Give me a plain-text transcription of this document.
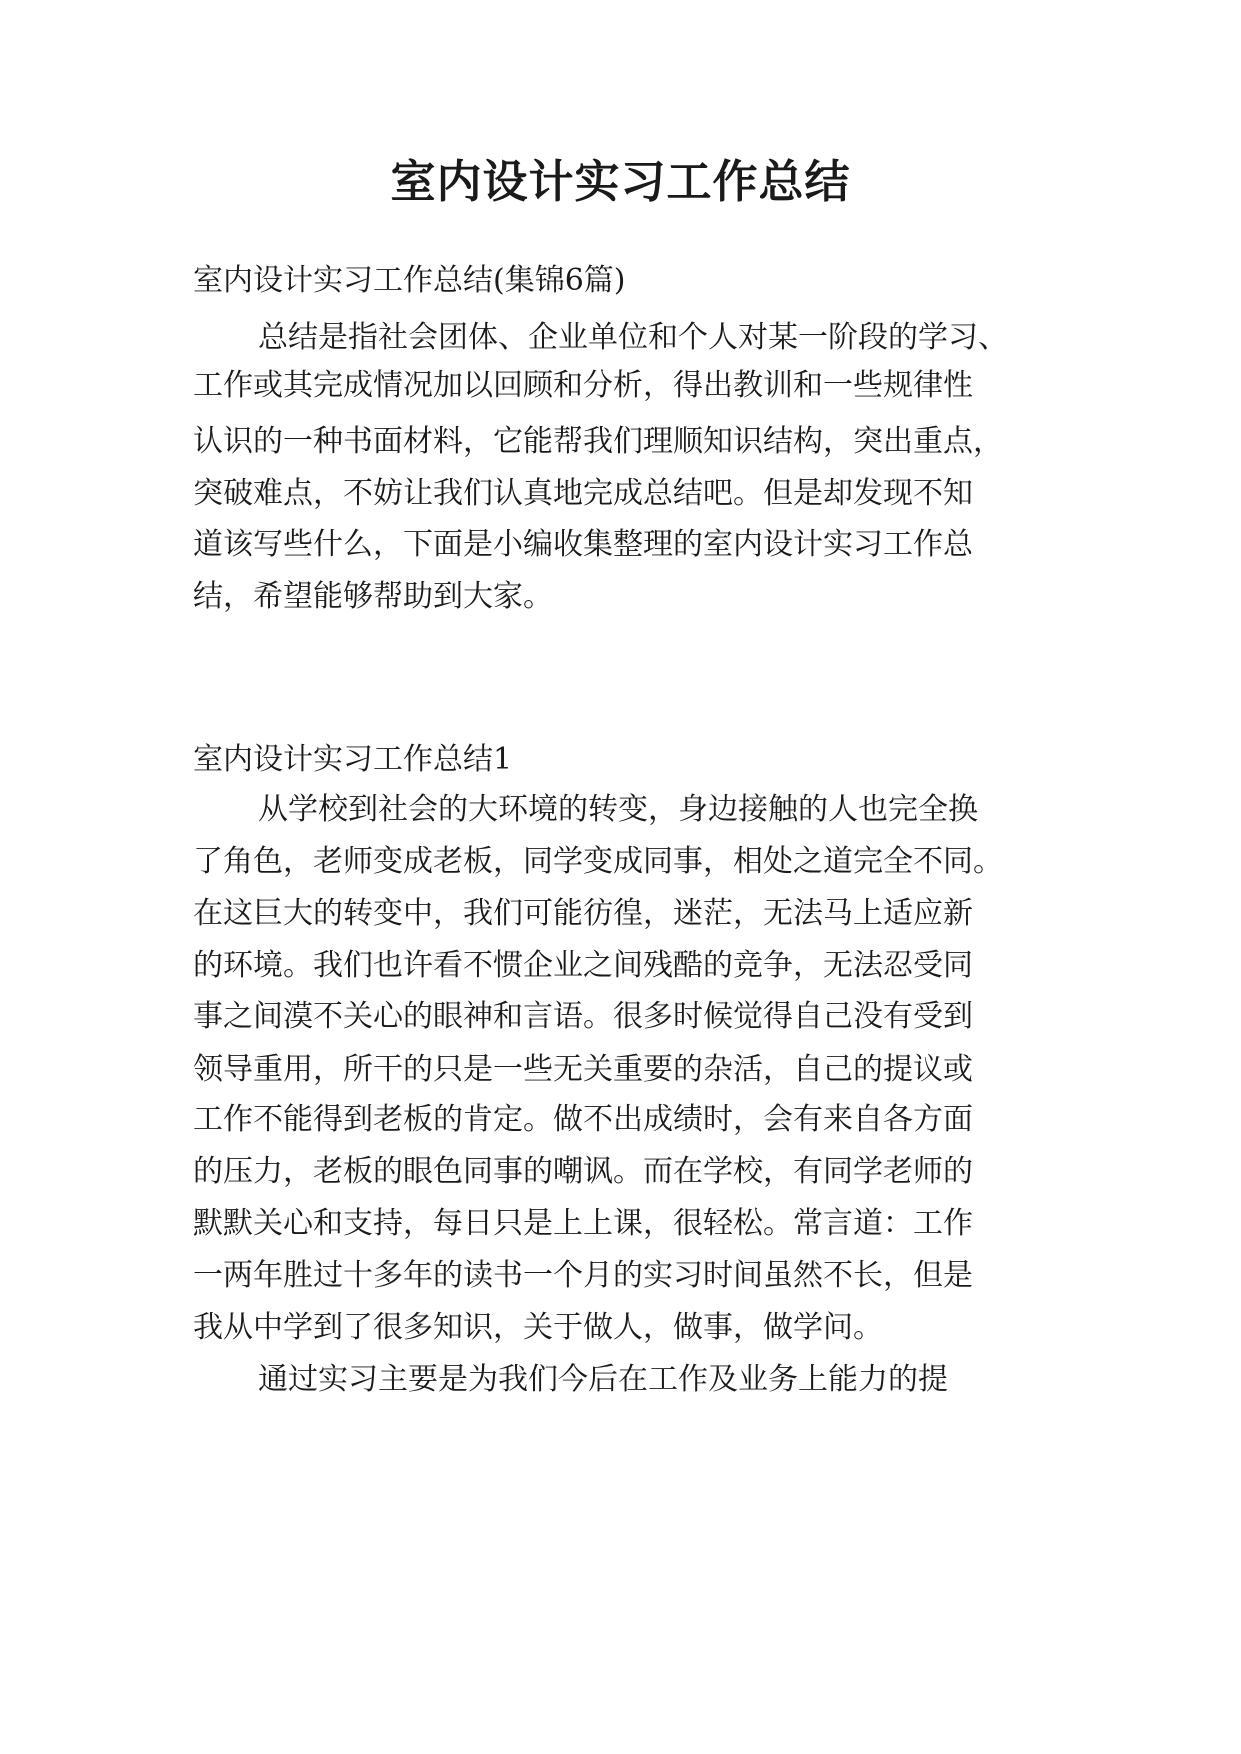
室内设计实习工作总结

室内设计实习工作总结(集锦6篇)

总结是指社会团体、企业单位和个人对某一阶段的学习、

工作或其完成情况加以回顾和分析，得出教训和一些规律性

认识的一种书面材料，它能帮我们理顺知识结构，突出重点，

突破难点，不妨让我们认真地完成总结吧。但是却发现不知

道该写些什么，下面是小编收集整理的室内设计实习工作总

结，希望能够帮助到大家。

室内设计实习工作总结1

从学校到社会的大环境的转变，身边接触的人也完全换

了角色，老师变成老板，同学变成同事，相处之道完全不同。

在这巨大的转变中，我们可能彷徨，迷茫，无法马上适应新

的环境。我们也许看不惯企业之间残酷的竞争，无法忍受同

事之间漠不关心的眼神和言语。很多时候觉得自己没有受到

领导重用，所干的只是一些无关重要的杂活，自己的提议或

工作不能得到老板的肯定。做不出成绩时，会有来自各方面

的压力，老板的眼色同事的嘲讽。而在学校，有同学老师的

默默关心和支持，每日只是上上课，很轻松。常言道：工作

一两年胜过十多年的读书一个月的实习时间虽然不长，但是

我从中学到了很多知识，关于做人，做事，做学问。

通过实习主要是为我们今后在工作及业务上能力的提
